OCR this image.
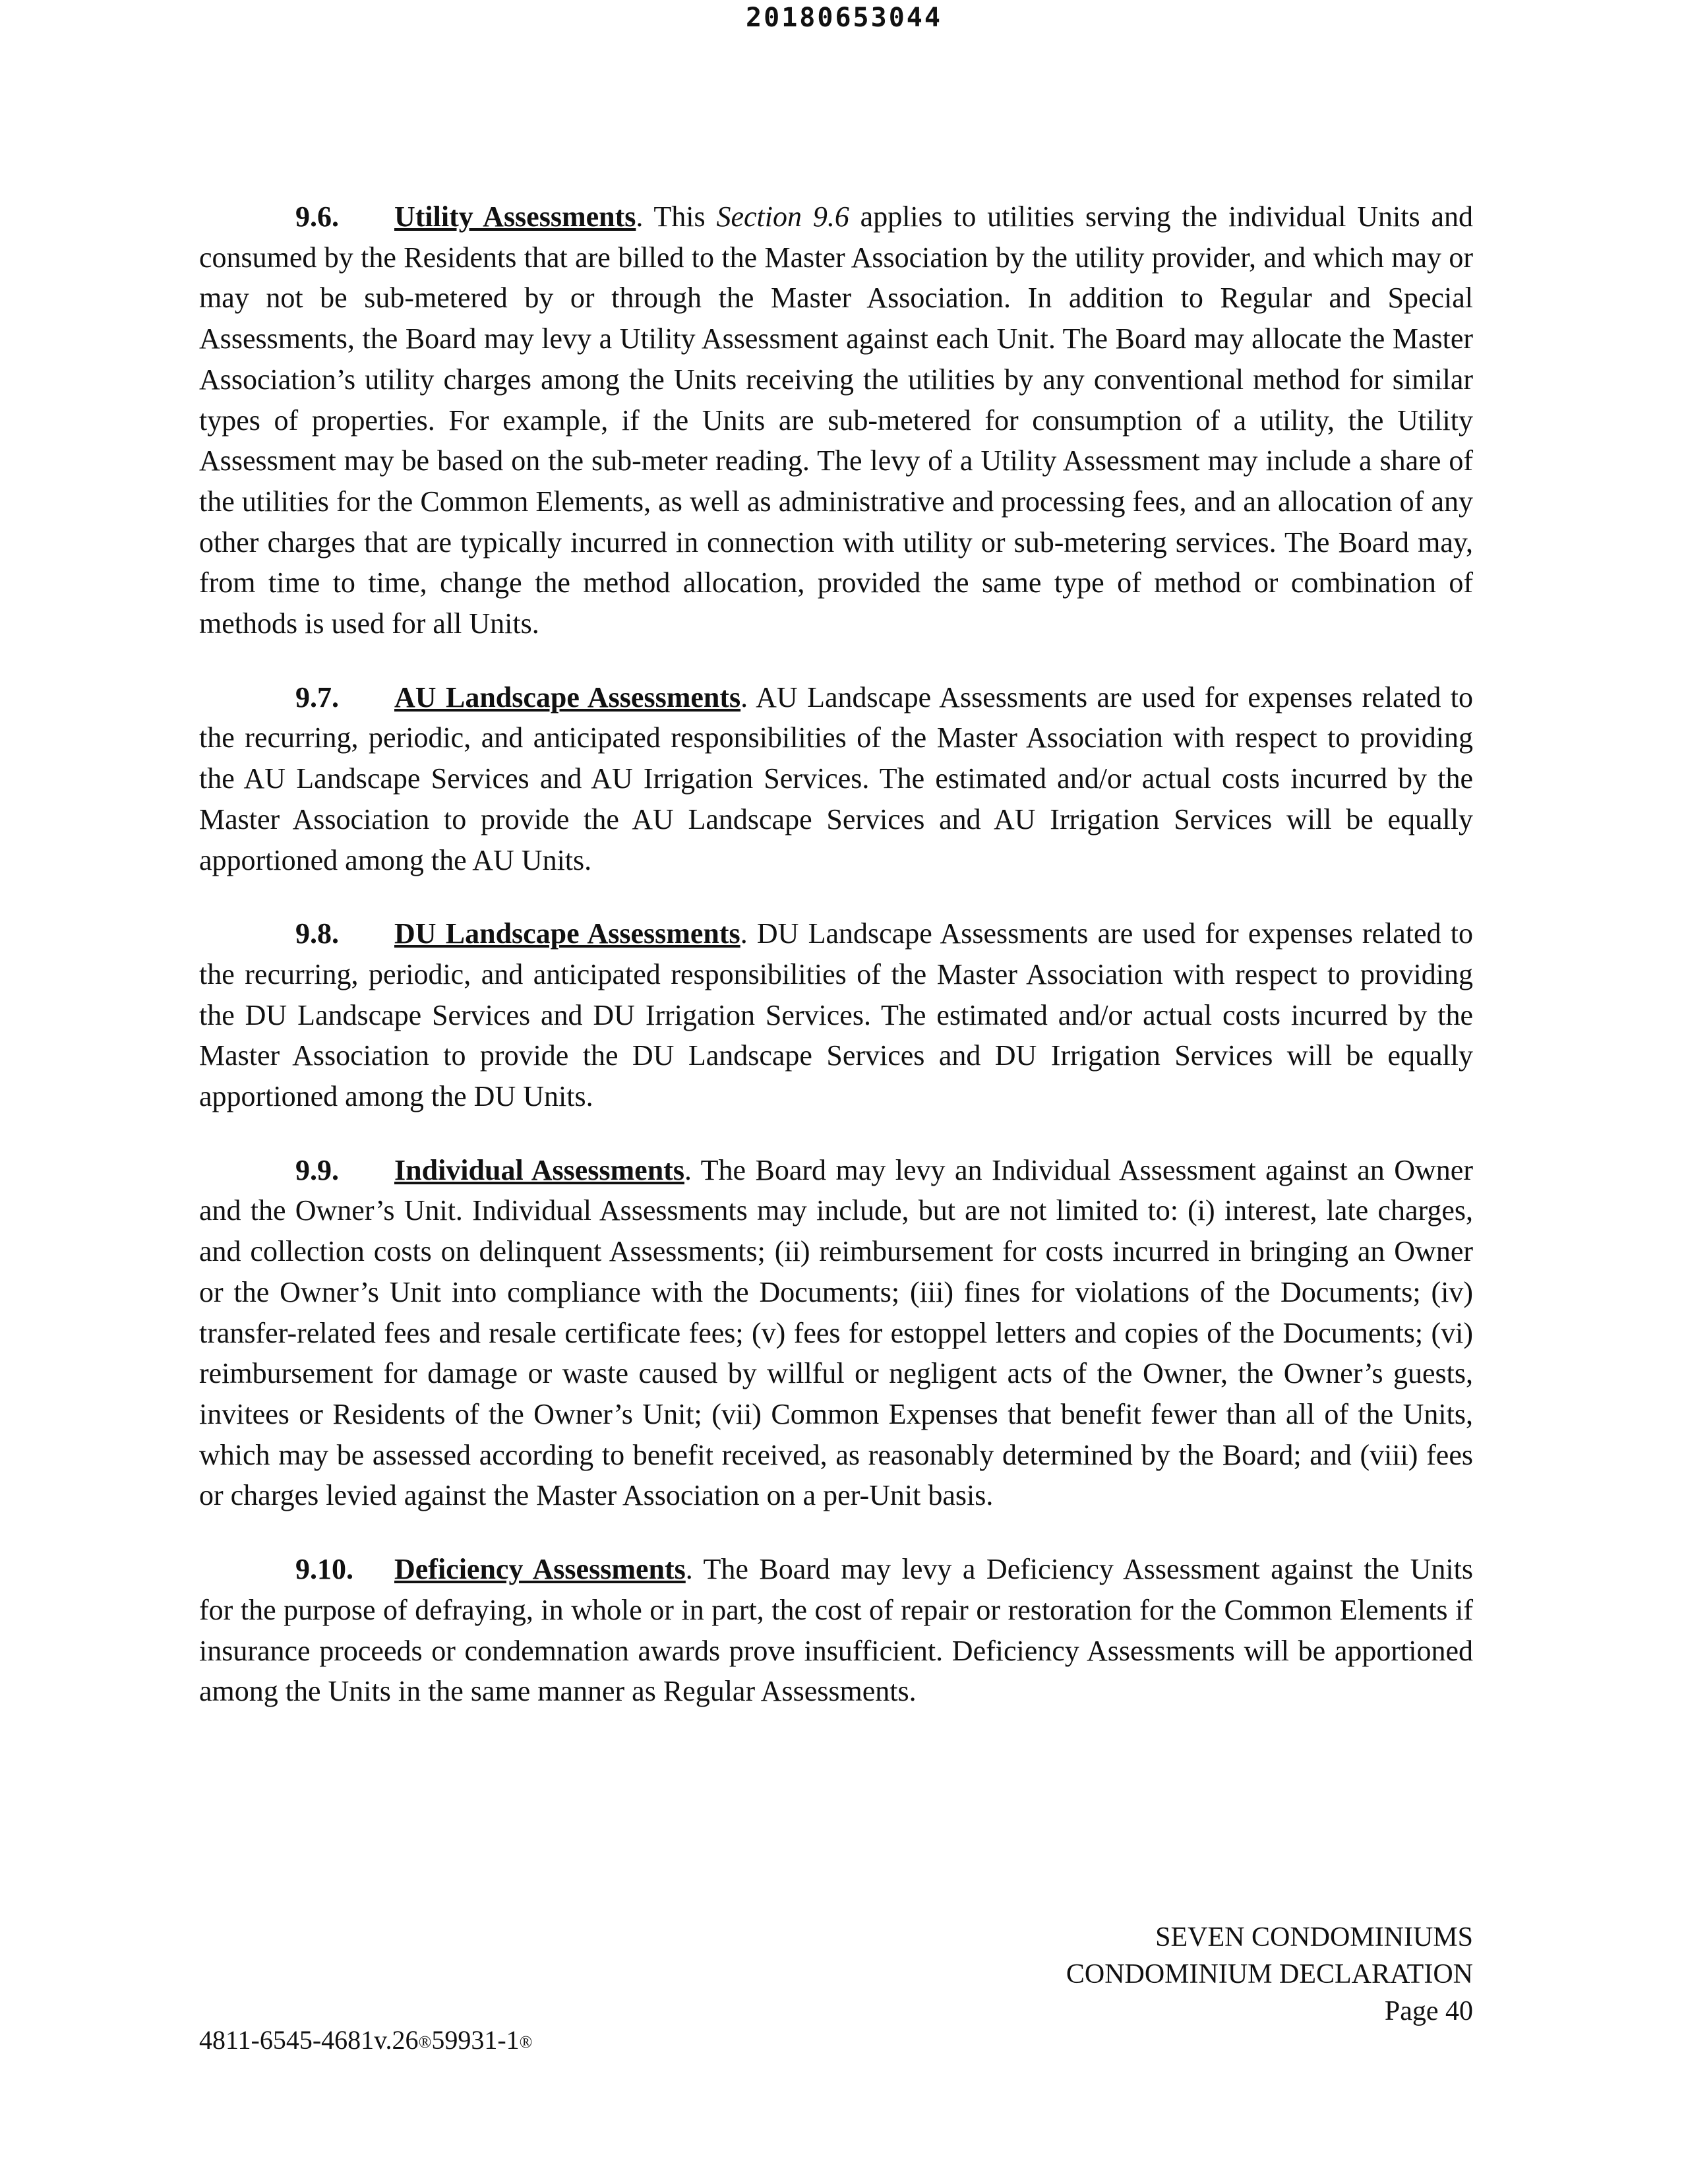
20180653044

9.6. Utility Assessments. This Section 9.6 applies to utilities serving the individual Units and consumed by the Residents that are billed to the Master Association by the utility provider, and which may or may not be sub-metered by or through the Master Association. In addition to Regular and Special Assessments, the Board may levy a Utility Assessment against each Unit. The Board may allocate the Master Association’s utility charges among the Units receiving the utilities by any conventional method for similar types of properties. For example, if the Units are sub-metered for consumption of a utility, the Utility Assessment may be based on the sub-meter reading. The levy of a Utility Assessment may include a share of the utilities for the Common Elements, as well as administrative and processing fees, and an allocation of any other charges that are typically incurred in connection with utility or sub-metering services. The Board may, from time to time, change the method allocation, provided the same type of method or combination of methods is used for all Units.

9.7. AU Landscape Assessments. AU Landscape Assessments are used for expenses related to the recurring, periodic, and anticipated responsibilities of the Master Association with respect to providing the AU Landscape Services and AU Irrigation Services. The estimated and/or actual costs incurred by the Master Association to provide the AU Landscape Services and AU Irrigation Services will be equally apportioned among the AU Units.

9.8. DU Landscape Assessments. DU Landscape Assessments are used for expenses related to the recurring, periodic, and anticipated responsibilities of the Master Association with respect to providing the DU Landscape Services and DU Irrigation Services. The estimated and/or actual costs incurred by the Master Association to provide the DU Landscape Services and DU Irrigation Services will be equally apportioned among the DU Units.

9.9. Individual Assessments. The Board may levy an Individual Assessment against an Owner and the Owner’s Unit. Individual Assessments may include, but are not limited to: (i) interest, late charges, and collection costs on delinquent Assessments; (ii) reimbursement for costs incurred in bringing an Owner or the Owner’s Unit into compliance with the Documents; (iii) fines for violations of the Documents; (iv) transfer-related fees and resale certificate fees; (v) fees for estoppel letters and copies of the Documents; (vi) reimbursement for damage or waste caused by willful or negligent acts of the Owner, the Owner’s guests, invitees or Residents of the Owner’s Unit; (vii) Common Expenses that benefit fewer than all of the Units, which may be assessed according to benefit received, as reasonably determined by the Board; and (viii) fees or charges levied against the Master Association on a per-Unit basis.

9.10. Deficiency Assessments. The Board may levy a Deficiency Assessment against the Units for the purpose of defraying, in whole or in part, the cost of repair or restoration for the Common Elements if insurance proceeds or condemnation awards prove insufficient. Deficiency Assessments will be apportioned among the Units in the same manner as Regular Assessments.

SEVEN CONDOMINIUMS
CONDOMINIUM DECLARATION
Page 40
4811-6545-4681v.26®59931-1®
